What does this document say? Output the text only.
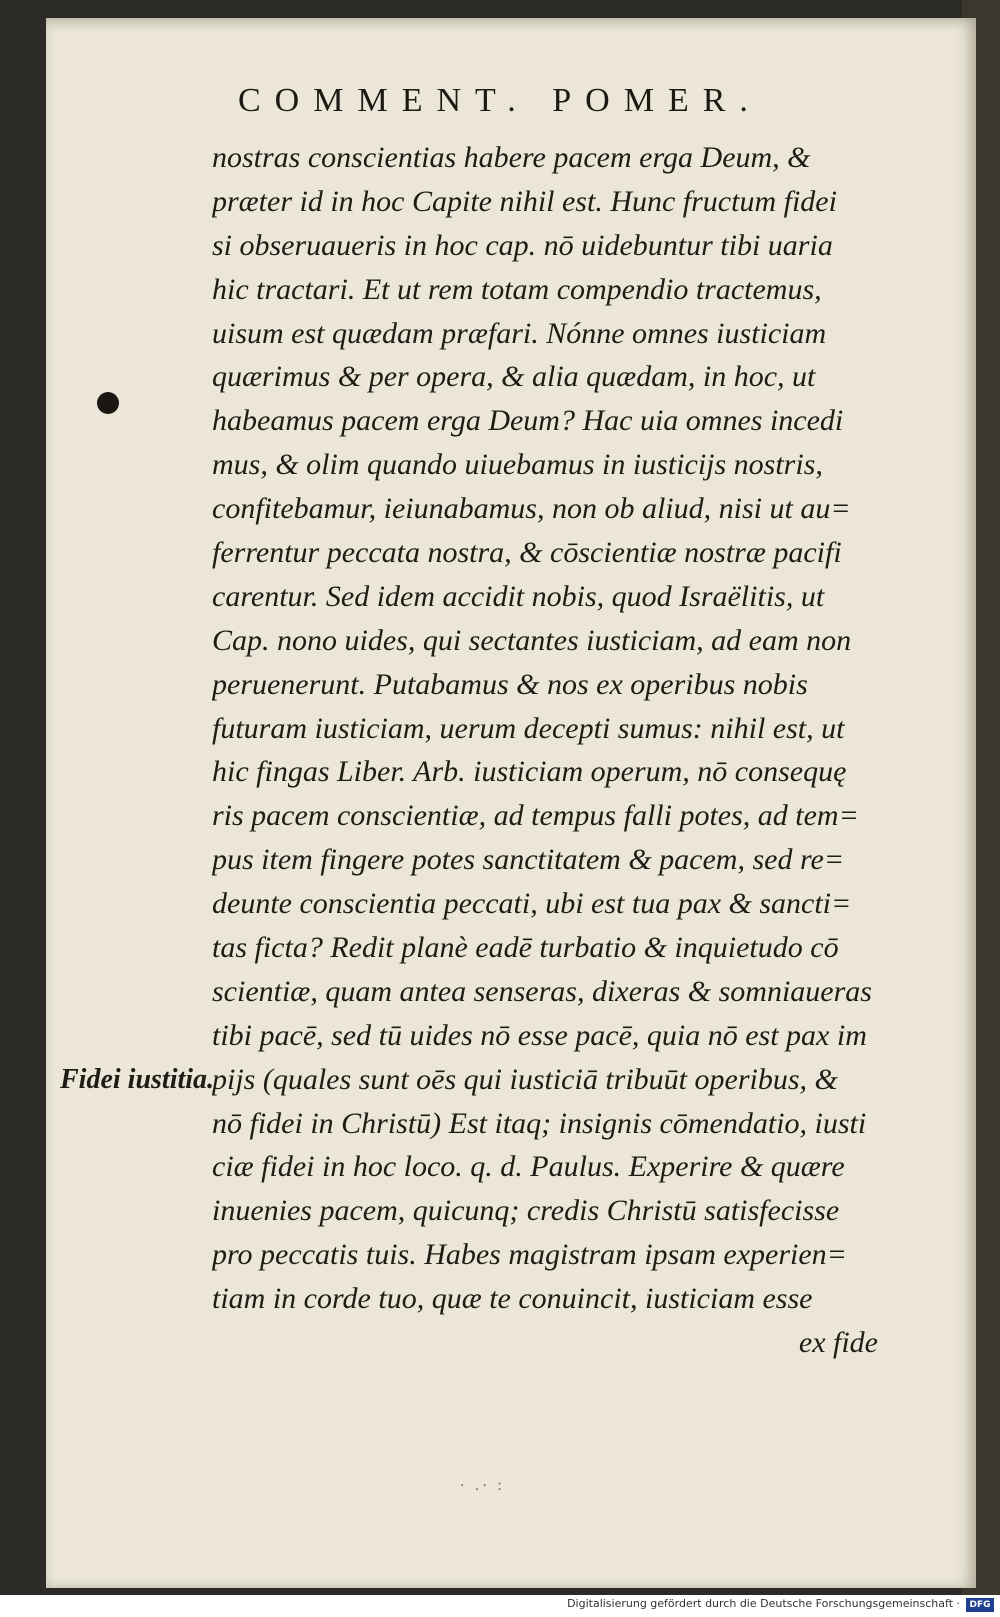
COMMENT. POMER.
Fidei iustitia.
nostras conscientias habere pacem erga Deum, &
præter id in hoc Capite nihil est. Hunc fructum fidei
si obseruaueris in hoc cap. nō uidebuntur tibi uaria
hic tractari. Et ut rem totam compendio tractemus,
uisum est quædam præfari. Nónne omnes iusticiam
quærimus & per opera, & alia quædam, in hoc, ut
habeamus pacem erga Deum? Hac uia omnes incedi
mus, & olim quando uiuebamus in iusticijs nostris,
confitebamur, ieiunabamus, non ob aliud, nisi ut au=
ferrentur peccata nostra, & cōscientiæ nostræ pacifi
carentur. Sed idem accidit nobis, quod Israëlitis, ut
Cap. nono uides, qui sectantes iusticiam, ad eam non
peruenerunt. Putabamus & nos ex operibus nobis
futuram iusticiam, uerum decepti sumus: nihil est, ut
hic fingas Liber. Arb. iusticiam operum, nō consequę
ris pacem conscientiæ, ad tempus falli potes, ad tem=
pus item fingere potes sanctitatem & pacem, sed re=
deunte conscientia peccati, ubi est tua pax & sancti=
tas ficta? Redit planè eadē turbatio & inquietudo cō
scientiæ, quam antea senseras, dixeras & somniaueras
tibi pacē, sed tū uides nō esse pacē, quia nō est pax im
pijs (quales sunt oēs qui iusticiā tribuūt operibus, &
nō fidei in Christū) Est itaq; insignis cōmendatio, iusti
ciæ fidei in hoc loco. q. d. Paulus. Experire & quære
inuenies pacem, quicunq; credis Christū satisfecisse
pro peccatis tuis. Habes magistram ipsam experien=
tiam in corde tuo, quæ te conuincit, iusticiam esse
ex fide
· .· :
Digitalisierung gefördert durch die Deutsche Forschungsgemeinschaft ·	DFG
